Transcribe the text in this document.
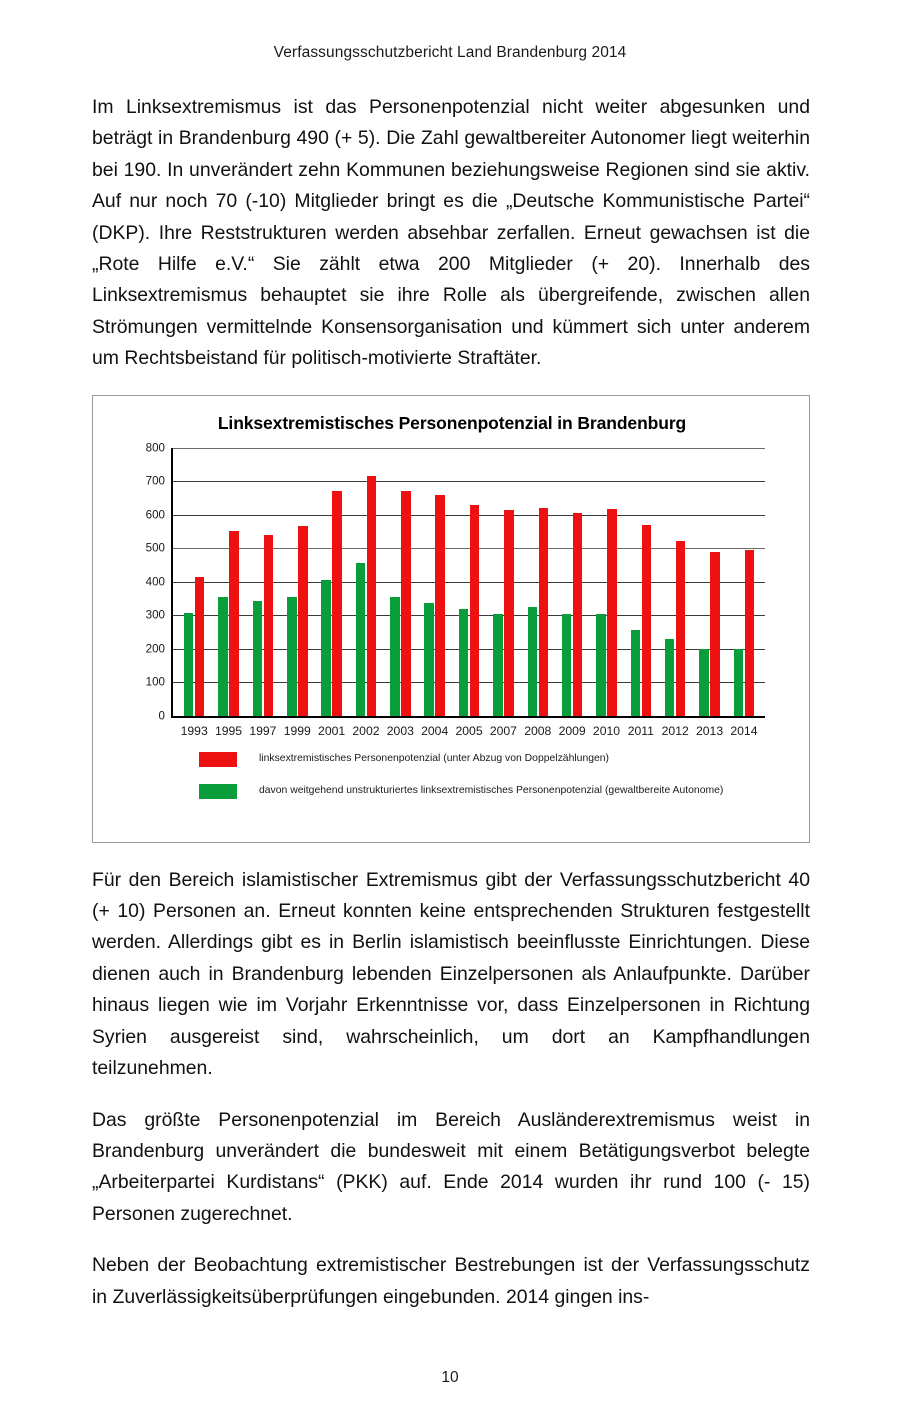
Verfassungsschutzbericht Land Brandenburg 2014

Im Linksextremismus ist das Personenpotenzial nicht weiter abgesunken und beträgt in Brandenburg 490 (+ 5). Die Zahl gewaltbereiter Autonomer liegt weiterhin bei 190. In unverändert zehn Kommunen beziehungsweise Regionen sind sie aktiv. Auf nur noch 70 (-10) Mitglieder bringt es die „Deutsche Kommunistische Partei“ (DKP). Ihre Reststrukturen werden absehbar zerfallen. Erneut gewachsen ist die „Rote Hilfe e.V.“ Sie zählt etwa 200 Mitglieder (+ 20). Innerhalb des Linksextremismus behauptet sie ihre Rolle als übergreifende, zwischen allen Strömungen vermittelnde Konsensorganisation und kümmert sich unter anderem um Rechtsbeistand für politisch-motivierte Straftäter.

Linksextremistisches Personenpotenzial in Brandenburg
0
100
200
300
400
500
600
700
800
1993 1995 1997 1999 2001 2002 2003 2004 2005 2007 2008 2009 2010 2011 2012 2013 2014
linksextremistisches Personenpotenzial (unter Abzug von Doppelzählungen)
davon weitgehend unstrukturiertes linksextremistisches Personenpotenzial (gewaltbereite Autonome)

Für den Bereich islamistischer Extremismus gibt der Verfassungsschutzbericht 40 (+ 10) Personen an. Erneut konnten keine entsprechenden Strukturen festgestellt werden. Allerdings gibt es in Berlin islamistisch beeinflusste Einrichtungen. Diese dienen auch in Brandenburg lebenden Einzelpersonen als Anlaufpunkte. Darüber hinaus liegen wie im Vorjahr Erkenntnisse vor, dass Einzelpersonen in Richtung Syrien ausgereist sind, wahrscheinlich, um dort an Kampfhandlungen teilzunehmen.

Das größte Personenpotenzial im Bereich Ausländerextremismus weist in Brandenburg unverändert die bundesweit mit einem Betätigungsverbot belegte „Arbeiterpartei Kurdistans“ (PKK) auf. Ende 2014 wurden ihr rund 100 (- 15) Personen zugerechnet.

Neben der Beobachtung extremistischer Bestrebungen ist der Verfassungsschutz in Zuverlässigkeitsüberprüfungen eingebunden. 2014 gingen ins-

10
